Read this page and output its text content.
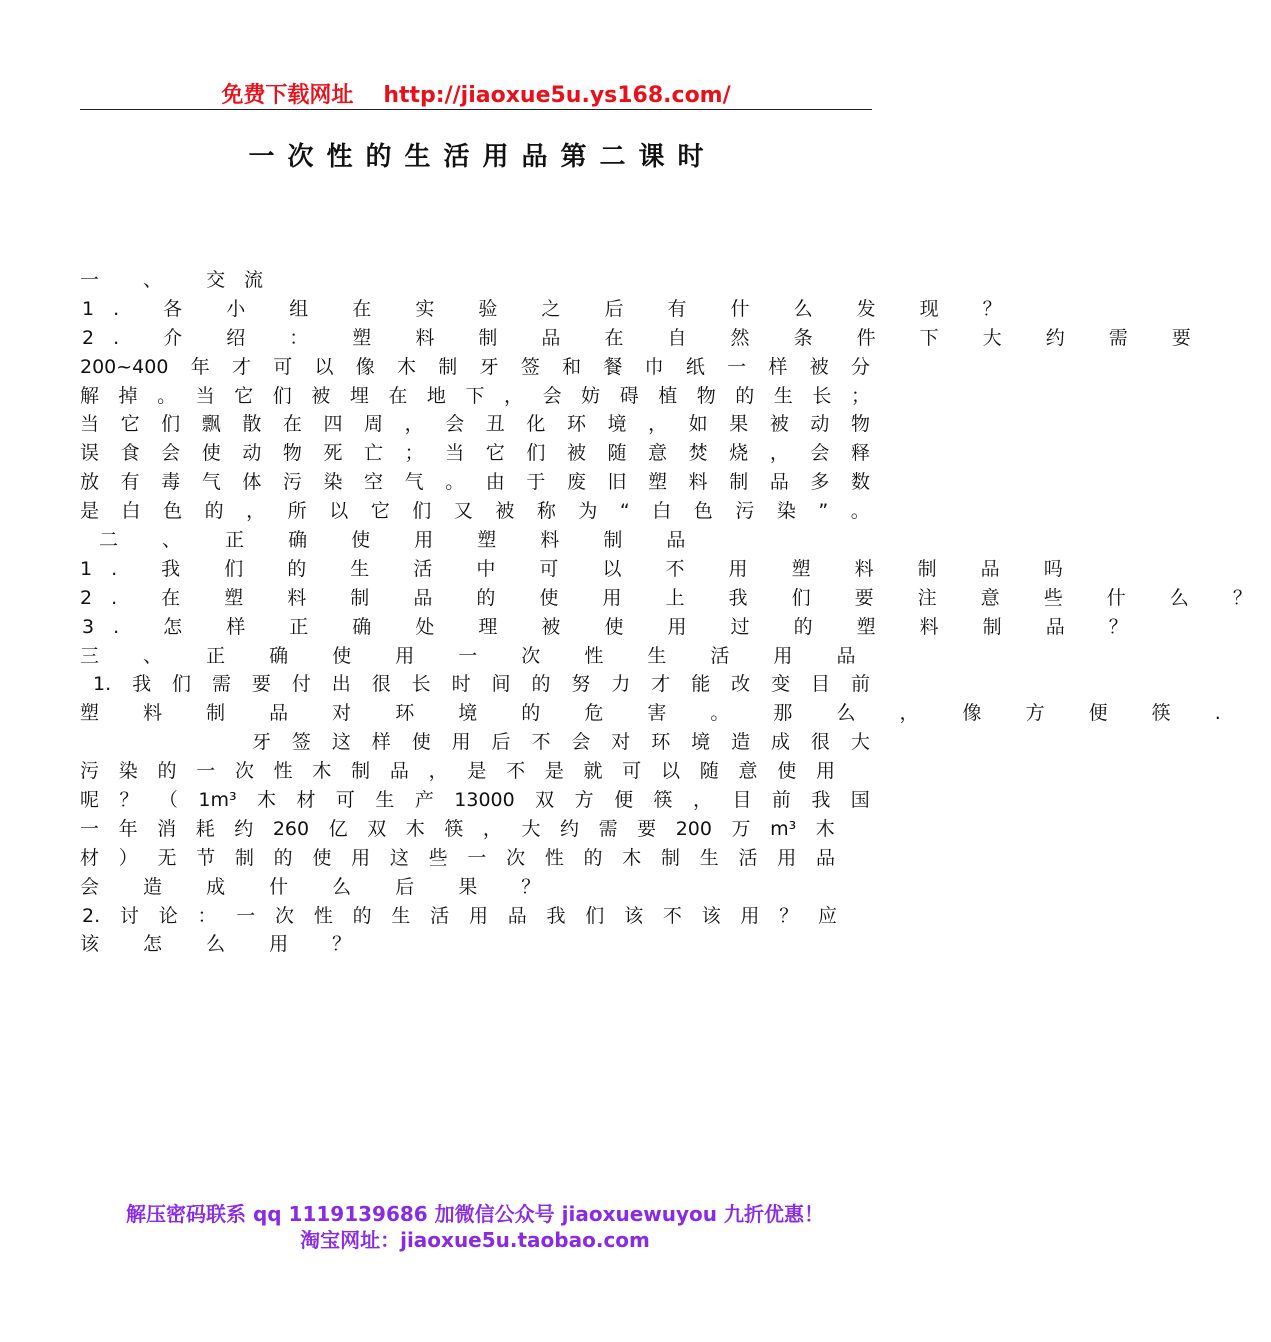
免费下载网址 http://jiaoxue5u.ys168.com/
一次性的生活用品第二课时
一 、 交流
1. 各 小 组 在 实 验 之 后 有 什 么 发 现 ？
2. 介 绍 ： 塑 料 制 品 在 自 然 条 件 下 大 约 需 要
200~400 年 才 可 以 像 木 制 牙 签 和 餐 巾 纸 一 样 被 分
解 掉 。 当 它 们 被 埋 在 地 下 ， 会 妨 碍 植 物 的 生 长 ；
当 它 们 飘 散 在 四 周 ， 会 丑 化 环 境 ， 如 果 被 动 物
误 食 会 使 动 物 死 亡 ； 当 它 们 被 随 意 焚 烧 ， 会 释
放 有 毒 气 体 污 染 空 气 。 由 于 废 旧 塑 料 制 品 多 数
是 白 色 的 ， 所 以 它 们 又 被 称 为 “ 白 色 污 染 ” 。
二 、 正 确 使 用 塑 料 制 品
1. 我 们 的 生 活 中 可 以 不 用 塑 料 制 品 吗
2. 在 塑 料 制 品 的 使 用 上 我 们 要 注 意 些 什 么 ？
3. 怎 样 正 确 处 理 被 使 用 过 的 塑 料 制 品 ？
三 、 正 确 使 用 一 次 性 生 活 用 品
1. 我 们 需 要 付 出 很 长 时 间 的 努 力 才 能 改 变 目 前
塑 料 制 品 对 环 境 的 危 害 。 那 么 ， 像 方 便 筷 .
牙 签 这 样 使 用 后 不 会 对 环 境 造 成 很 大
污 染 的 一 次 性 木 制 品 ， 是 不 是 就 可 以 随 意 使 用
呢 ？ （ 1m³ 木 材 可 生 产 13000 双 方 便 筷 ， 目 前 我 国
一 年 消 耗 约 260 亿 双 木 筷 ， 大 约 需 要 200 万 m³ 木
材 ） 无 节 制 的 使 用 这 些 一 次 性 的 木 制 生 活 用 品
会 造 成 什 么 后 果 ？
2. 讨 论 ： 一 次 性 的 生 活 用 品 我 们 该 不 该 用 ？ 应
该 怎 么 用 ？
解压密码联系 qq 1119139686 加微信公众号 jiaoxuewuyou 九折优惠！
淘宝网址：jiaoxue5u.taobao.com
